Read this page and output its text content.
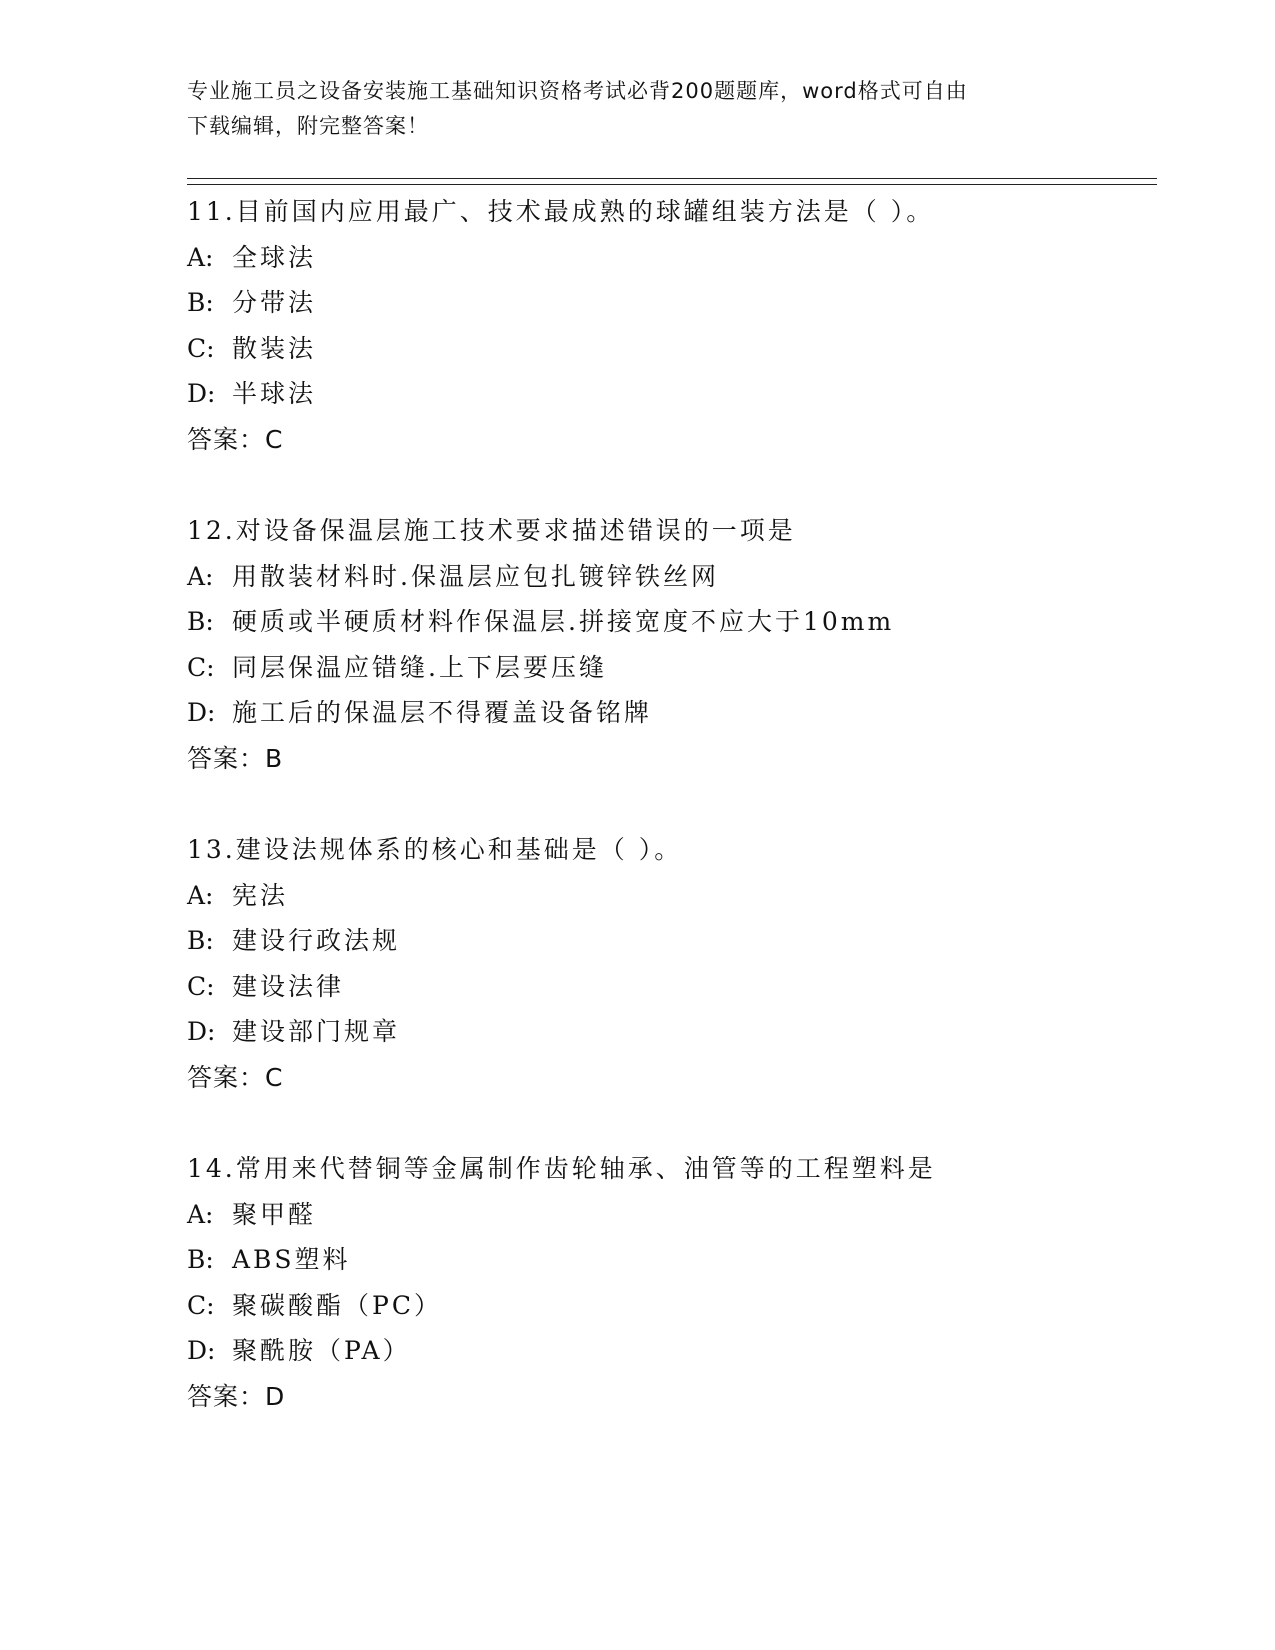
专业施工员之设备安装施工基础知识资格考试必背200题题库，word格式可自由
下载编辑，附完整答案！
11.目前国内应用最广、技术最成熟的球罐组装方法是（ ）。
A: 全球法
B: 分带法
C: 散装法
D: 半球法
答案：C
12.对设备保温层施工技术要求描述错误的一项是
A: 用散装材料时.保温层应包扎镀锌铁丝网
B: 硬质或半硬质材料作保温层.拼接宽度不应大于10mm
C: 同层保温应错缝.上下层要压缝
D: 施工后的保温层不得覆盖设备铭牌
答案：B
13.建设法规体系的核心和基础是（ ）。
A: 宪法
B: 建设行政法规
C: 建设法律
D: 建设部门规章
答案：C
14.常用来代替铜等金属制作齿轮轴承、油管等的工程塑料是
A: 聚甲醛
B: ABS塑料
C: 聚碳酸酯（PC）
D: 聚酰胺（PA）
答案：D
